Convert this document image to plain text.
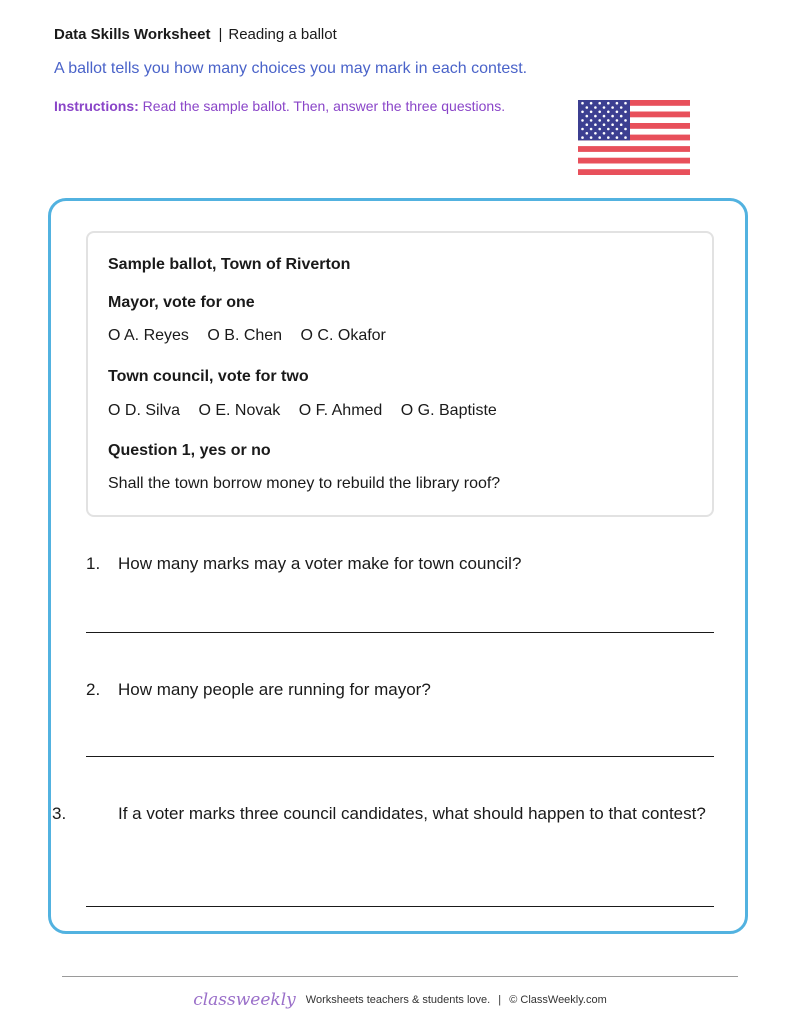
Data Skills Worksheet | Reading a ballot
A ballot tells you how many choices you may mark in each contest.
Instructions: Read the sample ballot. Then, answer the three questions.
Sample ballot, Town of Riverton
Mayor, vote for one
O A. Reyes O B. Chen O C. Okafor
Town council, vote for two
O D. Silva O E. Novak O F. Ahmed O G. Baptiste
Question 1, yes or no
Shall the town borrow money to rebuild the library roof?
1. How many marks may a voter make for town council?
2. How many people are running for mayor?
3.	If a voter marks three council candidates, what should happen to that contest?
classweekly Worksheets teachers & students love. | © ClassWeekly.com
